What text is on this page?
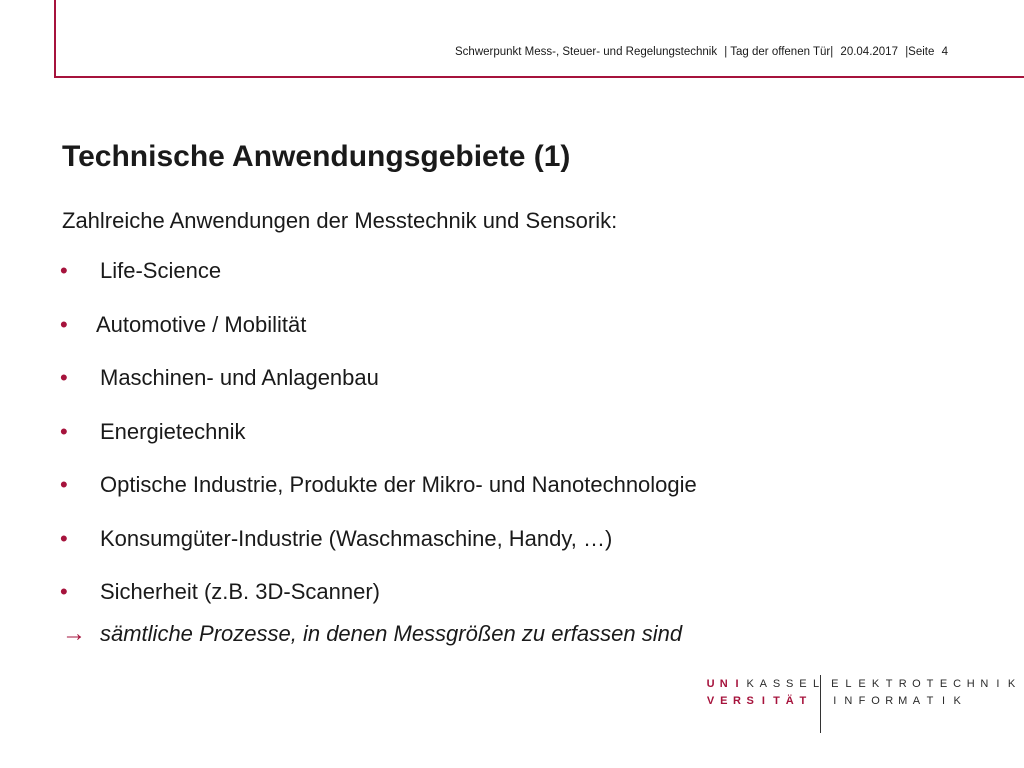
Schwerpunkt Mess-, Steuer- und Regelungstechnik | Tag der offenen Tür| 20.04.2017 |Seite 4
Technische Anwendungsgebiete (1)
Zahlreiche Anwendungen der Messtechnik und Sensorik:
• Life-Science
• Automotive / Mobilität
• Maschinen- und Anlagenbau
• Energietechnik
• Optische Industrie, Produkte der Mikro- und Nanotechnologie
• Konsumgüter-Industrie (Waschmaschine, Handy, …)
• Sicherheit (z.B. 3D-Scanner)
→ sämtliche Prozesse, in denen Messgrößen zu erfassen sind
U N I K A S S E L
V E R S I T Ä T
E L E K T R O T E C H N I K
I N F O R M A T I K
